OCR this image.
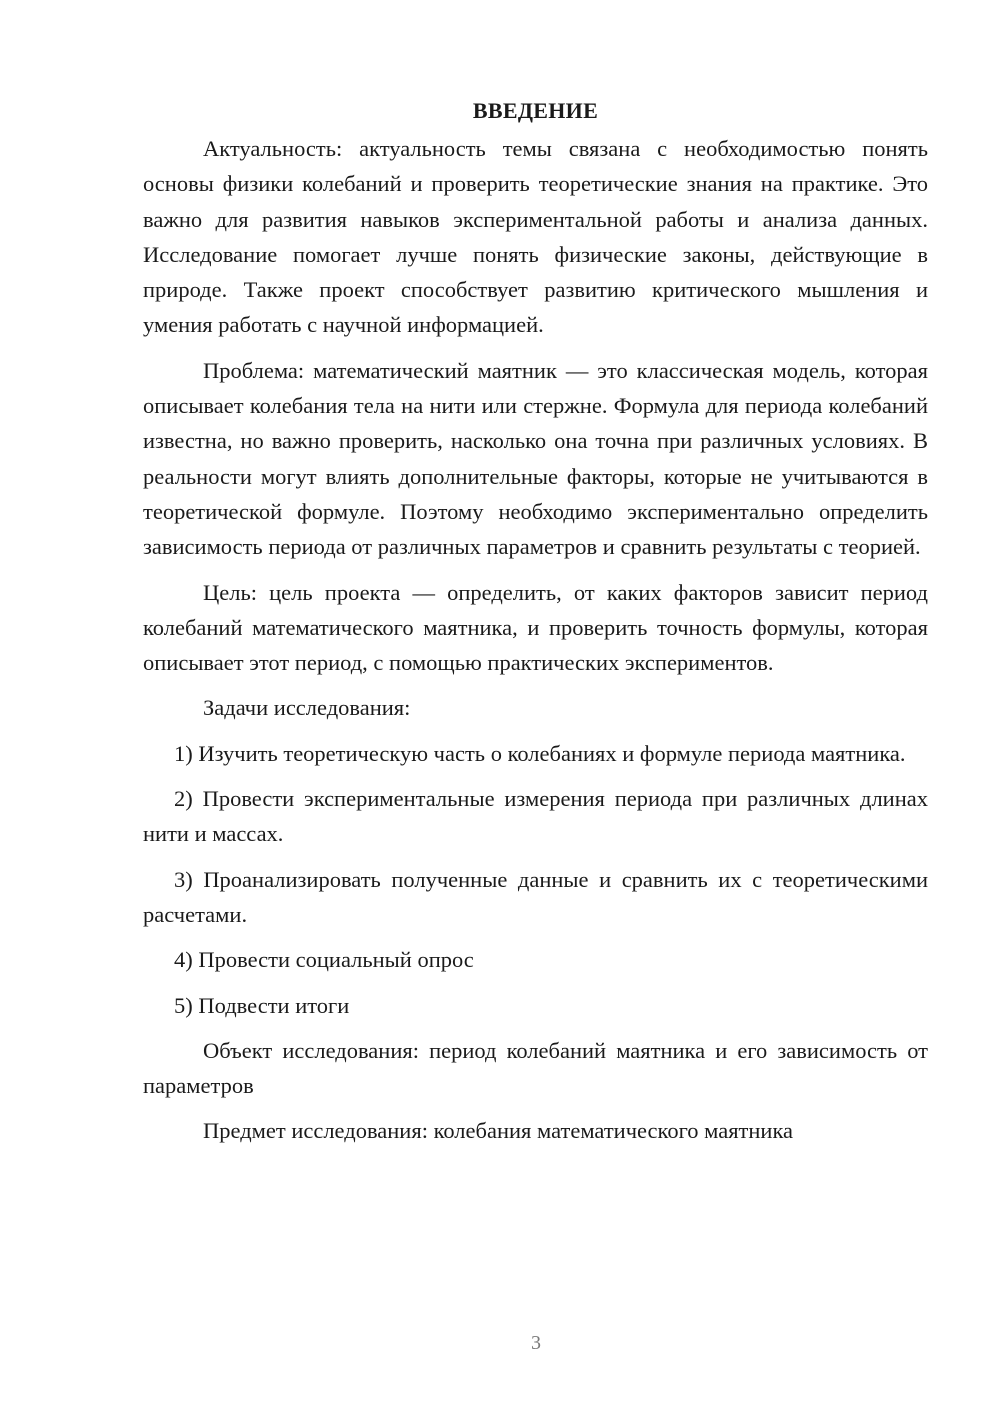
ВВЕДЕНИЕ

Актуальность: актуальность темы связана с необходимостью понять основы физики колебаний и проверить теоретические знания на практике. Это важно для развития навыков экспериментальной работы и анализа данных. Исследование помогает лучше понять физические законы, действующие в природе. Также проект способствует развитию критического мышления и умения работать с научной информацией.

Проблема: математический маятник — это классическая модель, которая описывает колебания тела на нити или стержне. Формула для периода колебаний известна, но важно проверить, насколько она точна при различных условиях. В реальности могут влиять дополнительные факторы, которые не учитываются в теоретической формуле. Поэтому необходимо экспериментально определить зависимость периода от различных параметров и сравнить результаты с теорией.

Цель: цель проекта — определить, от каких факторов зависит период колебаний математического маятника, и проверить точность формулы, которая описывает этот период, с помощью практических экспериментов.

Задачи исследования:

1) Изучить теоретическую часть о колебаниях и формуле периода маятника.

2) Провести экспериментальные измерения периода при различных длинах нити и массах.

3) Проанализировать полученные данные и сравнить их с теоретическими расчетами.

4) Провести социальный опрос

5) Подвести итоги

Объект исследования: период колебаний маятника и его зависимость от параметров

Предмет исследования: колебания математического маятника

3
